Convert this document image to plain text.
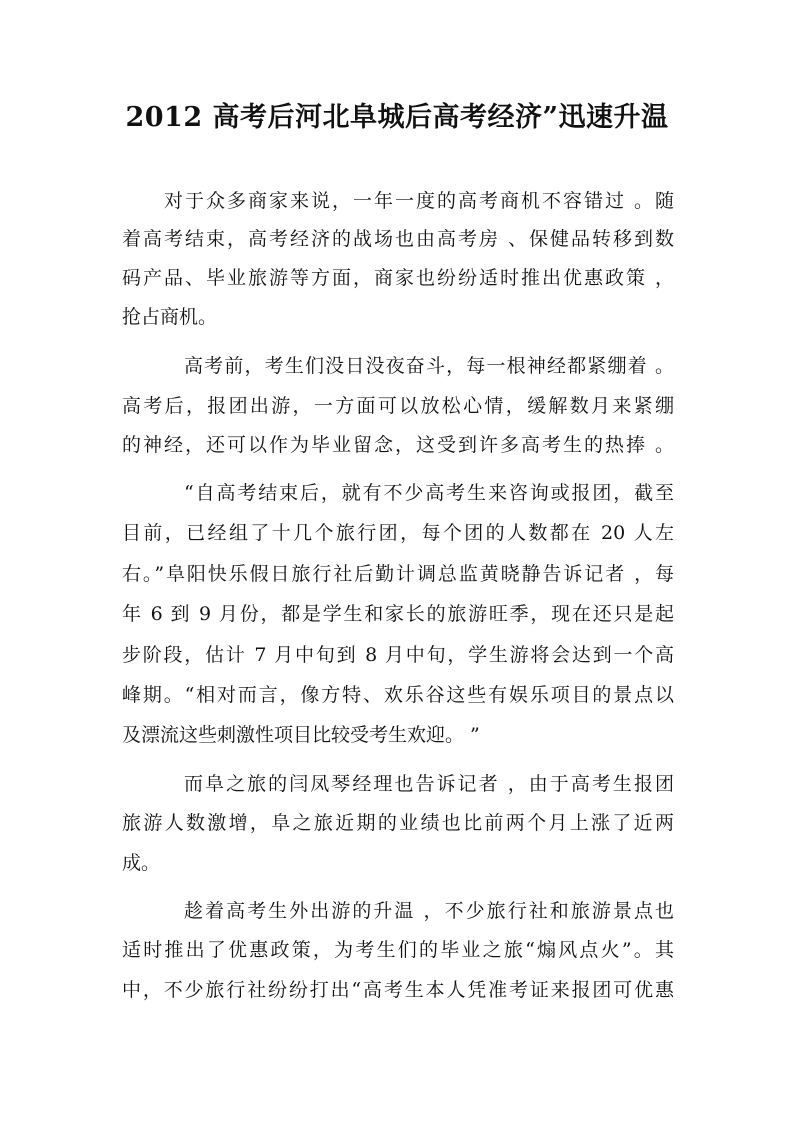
2012 高考后河北阜城后高考经济”迅速升温
对于众多商家来说，一年一度的高考商机不容错过 。随
着高考结束，高考经济的战场也由高考房 、保健品转移到数
码产品、毕业旅游等方面，商家也纷纷适时推出优惠政策 ，
抢占商机。
高考前，考生们没日没夜奋斗，每一根神经都紧绷着 。
高考后，报团出游，一方面可以放松心情，缓解数月来紧绷
的神经，还可以作为毕业留念，这受到许多高考生的热捧 。
“自高考结束后，就有不少高考生来咨询或报团，截至
目前，已经组了十几个旅行团，每个团的人数都在 20 人左
右。”阜阳快乐假日旅行社后勤计调总监黄晓静告诉记者 ，每
年 6 到 9 月份，都是学生和家长的旅游旺季，现在还只是起
步阶段，估计 7 月中旬到 8 月中旬，学生游将会达到一个高
峰期。“相对而言，像方特、欢乐谷这些有娱乐项目的景点以
及漂流这些刺激性项目比较受考生欢迎。 ”
而阜之旅的闫凤琴经理也告诉记者 ，由于高考生报团
旅游人数激增，阜之旅近期的业绩也比前两个月上涨了近两
成。
趁着高考生外出游的升温 ，不少旅行社和旅游景点也
适时推出了优惠政策，为考生们的毕业之旅“煽风点火”。其
中，不少旅行社纷纷打出“高考生本人凭准考证来报团可优惠
